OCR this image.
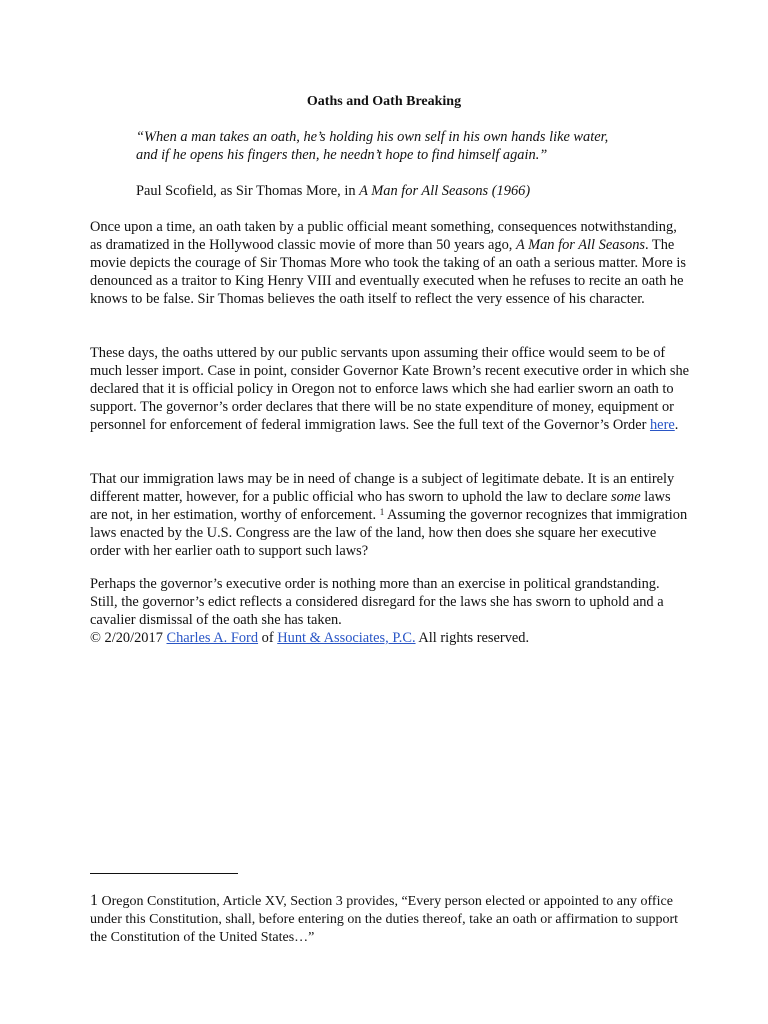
Oaths and Oath Breaking

“When a man takes an oath, he’s holding his own self in his own hands like water,

and if he opens his fingers then, he needn’t hope to find himself again.”

Paul Scofield, as Sir Thomas More, in A Man for All Seasons (1966)

Once upon a time, an oath taken by a public official meant something, consequences notwithstanding, as dramatized in the Hollywood classic movie of more than 50 years ago, A Man for All Seasons. The movie depicts the courage of Sir Thomas More who took the taking of an oath a serious matter. More is denounced as a traitor to King Henry VIII and eventually executed when he refuses to recite an oath he knows to be false. Sir Thomas believes the oath itself to reflect the very essence of his character.

These days, the oaths uttered by our public servants upon assuming their office would seem to be of much lesser import. Case in point, consider Governor Kate Brown’s recent executive order in which she declared that it is official policy in Oregon not to enforce laws which she had earlier sworn an oath to support. The governor’s order declares that there will be no state expenditure of money, equipment or personnel for enforcement of federal immigration laws. See the full text of the Governor’s Order here.

That our immigration laws may be in need of change is a subject of legitimate debate. It is an entirely different matter, however, for a public official who has sworn to uphold the law to declare some laws are not, in her estimation, worthy of enforcement. $^1$ Assuming the governor recognizes that immigration laws enacted by the U.S. Congress are the law of the land, how then does she square her executive order with her earlier oath to support such laws?

Perhaps the governor’s executive order is nothing more than an exercise in political grandstanding. Still, the governor’s edict reflects a considered disregard for the laws she has sworn to uphold and a cavalier dismissal of the oath she has taken.

© 2/20/2017 Charles A. Ford of Hunt & Associates, P.C. All rights reserved.

1 Oregon Constitution, Article XV, Section 3 provides, “Every person elected or appointed to any office under this Constitution, shall, before entering on the duties thereof, take an oath or affirmation to support the Constitution of the United States…”
